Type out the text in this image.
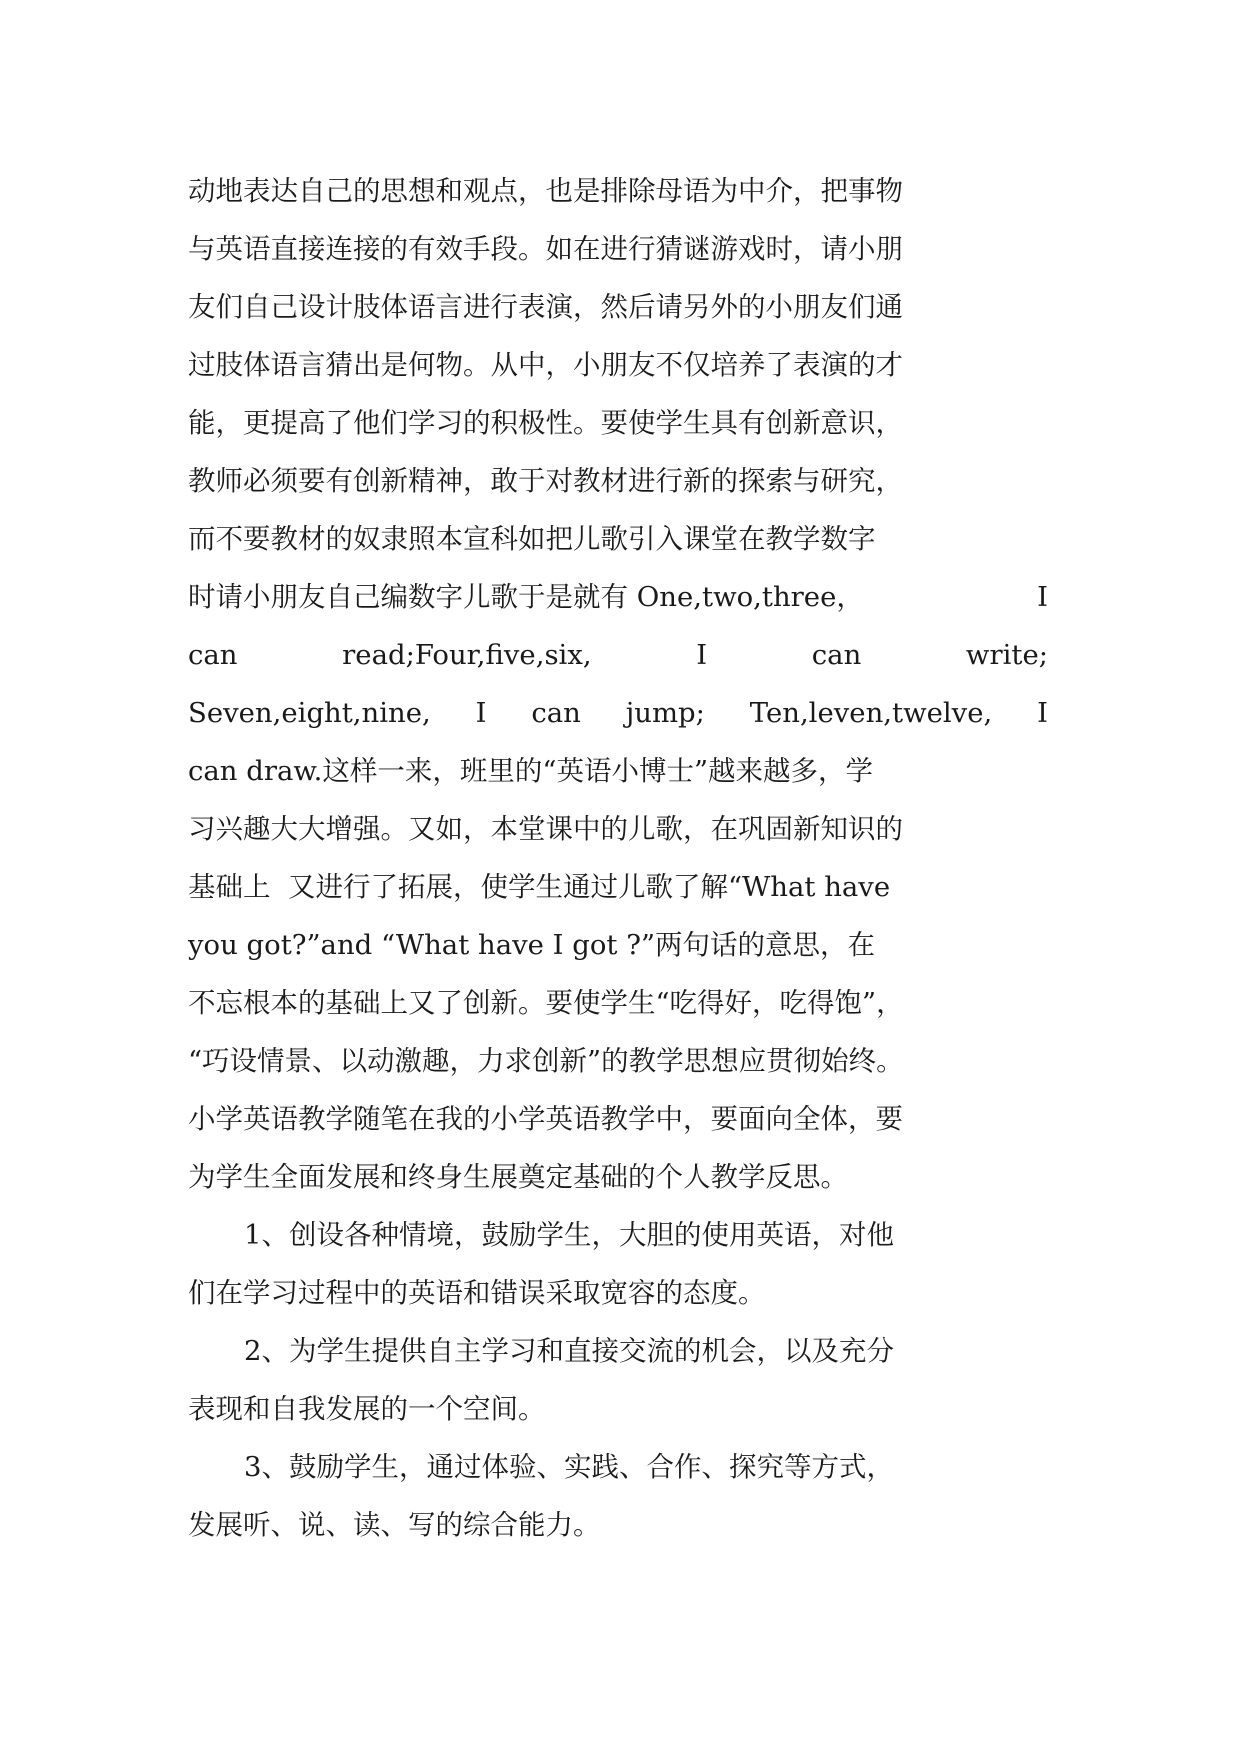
动地表达自己的思想和观点，也是排除母语为中介，把事物
与英语直接连接的有效手段。如在进行猜谜游戏时，请小朋
友们自己设计肢体语言进行表演，然后请另外的小朋友们通
过肢体语言猜出是何物。从中，小朋友不仅培养了表演的才
能，更提高了他们学习的积极性。要使学生具有创新意识，
教师必须要有创新精神，敢于对教材进行新的探索与研究，
而不要教材的奴隶照本宣科如把儿歌引入课堂在教学数字
时请小朋友自己编数字儿歌于是就有 One,two,three，	I
can	read;Four,five,six,	I	can	write;
Seven,eight,nine, I can jump; Ten,leven,twelve, I
can draw.这样一来，班里的“英语小博士”越来越多，学
习兴趣大大增强。又如，本堂课中的儿歌，在巩固新知识的
基础上  又进行了拓展，使学生通过儿歌了解“What have
you got?”and “What have I got ?”两句话的意思，在
不忘根本的基础上又了创新。要使学生“吃得好，吃得饱”，
“巧设情景、以动激趣，力求创新”的教学思想应贯彻始终。
小学英语教学随笔在我的小学英语教学中，要面向全体，要
为学生全面发展和终身生展奠定基础的个人教学反思。
1、创设各种情境，鼓励学生，大胆的使用英语，对他
们在学习过程中的英语和错误采取宽容的态度。
2、为学生提供自主学习和直接交流的机会，以及充分
表现和自我发展的一个空间。
3、鼓励学生，通过体验、实践、合作、探究等方式，
发展听、说、读、写的综合能力。
